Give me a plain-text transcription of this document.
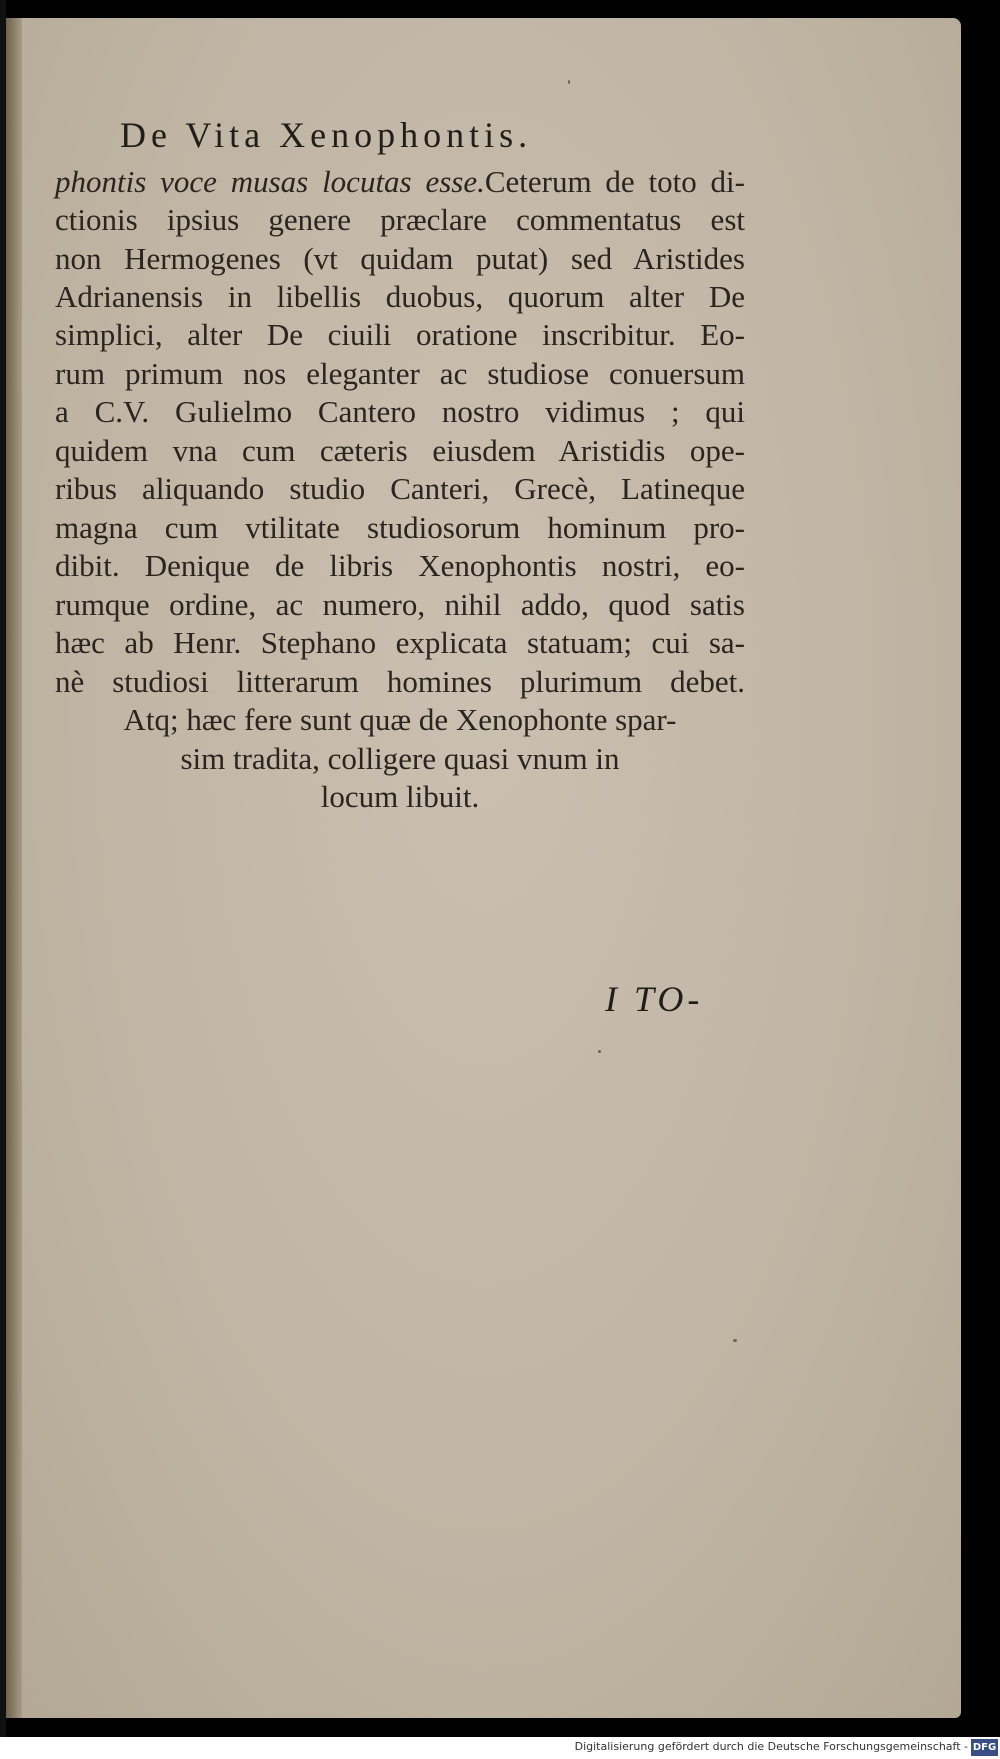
De Vita Xenophontis.
phontis voce musas locutas esse.Ceterum de toto di-
ctionis ipsius genere præclare commentatus est
non Hermogenes (vt quidam putat) sed Aristides
Adrianensis in libellis duobus, quorum alter De
simplici, alter De ciuili oratione inscribitur. Eo-
rum primum nos eleganter ac studiose conuersum
a C.V. Gulielmo Cantero nostro vidimus ; qui
quidem vna cum cæteris eiusdem Aristidis ope-
ribus aliquando studio Canteri, Grecè, Latineque
magna cum vtilitate studiosorum hominum pro-
dibit. Denique de libris Xenophontis nostri, eo-
rumque ordine, ac numero, nihil addo, quod satis
hæc ab Henr. Stephano explicata statuam; cui sa-
nè studiosi litterarum homines plurimum debet.
Atq; hæc fere sunt quæ de Xenophonte spar-
sim tradita, colligere quasi vnum in
locum libuit.
I TO-
Digitalisierung gefördert durch die Deutsche Forschungsgemeinschaft - DFG
